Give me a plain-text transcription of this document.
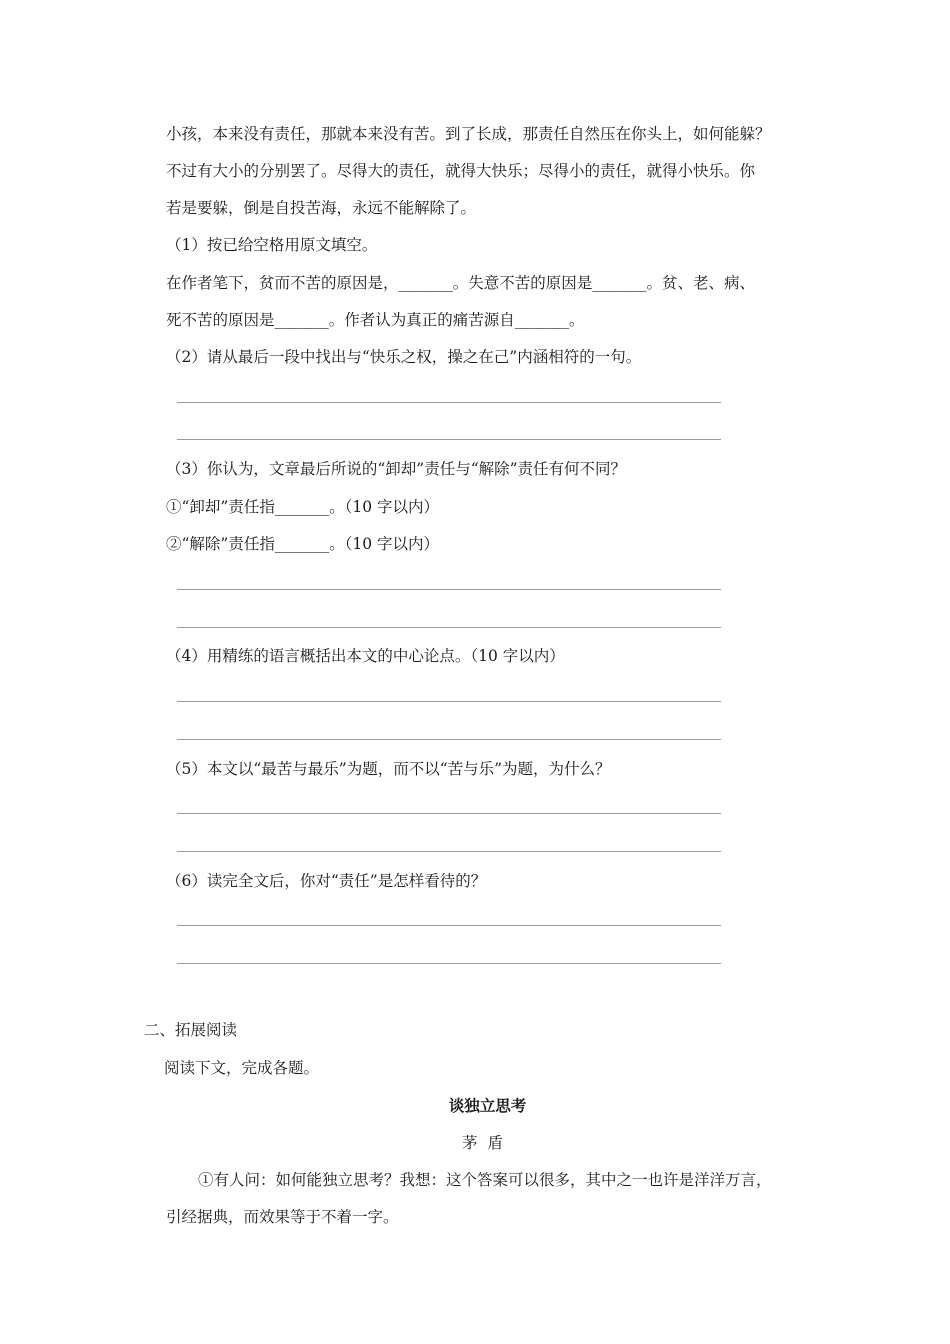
小孩，本来没有责任，那就本来没有苦。到了长成，那责任自然压在你头上，如何能躲？
不过有大小的分别罢了。尽得大的责任，就得大快乐；尽得小的责任，就得小快乐。你
若是要躲，倒是自投苦海，永远不能解除了。
（1）按已给空格用原文填空。
在作者笔下，贫而不苦的原因是，_______。失意不苦的原因是_______。贫、老、病、
死不苦的原因是_______。作者认为真正的痛苦源自_______。
（2）请从最后一段中找出与“快乐之权，操之在己”内涵相符的一句。
（3）你认为，文章最后所说的“卸却”责任与“解除”责任有何不同？
①“卸却”责任指_______。（10 字以内）
②“解除”责任指_______。（10 字以内）
（4）用精练的语言概括出本文的中心论点。（10 字以内）
（5）本文以“最苦与最乐”为题，而不以“苦与乐”为题，为什么？
（6）读完全文后，你对“责任”是怎样看待的？
二、拓展阅读
阅读下文，完成各题。
谈独立思考
茅盾
①有人问：如何能独立思考？我想：这个答案可以很多，其中之一也许是洋洋万言，
引经据典，而效果等于不着一字。
